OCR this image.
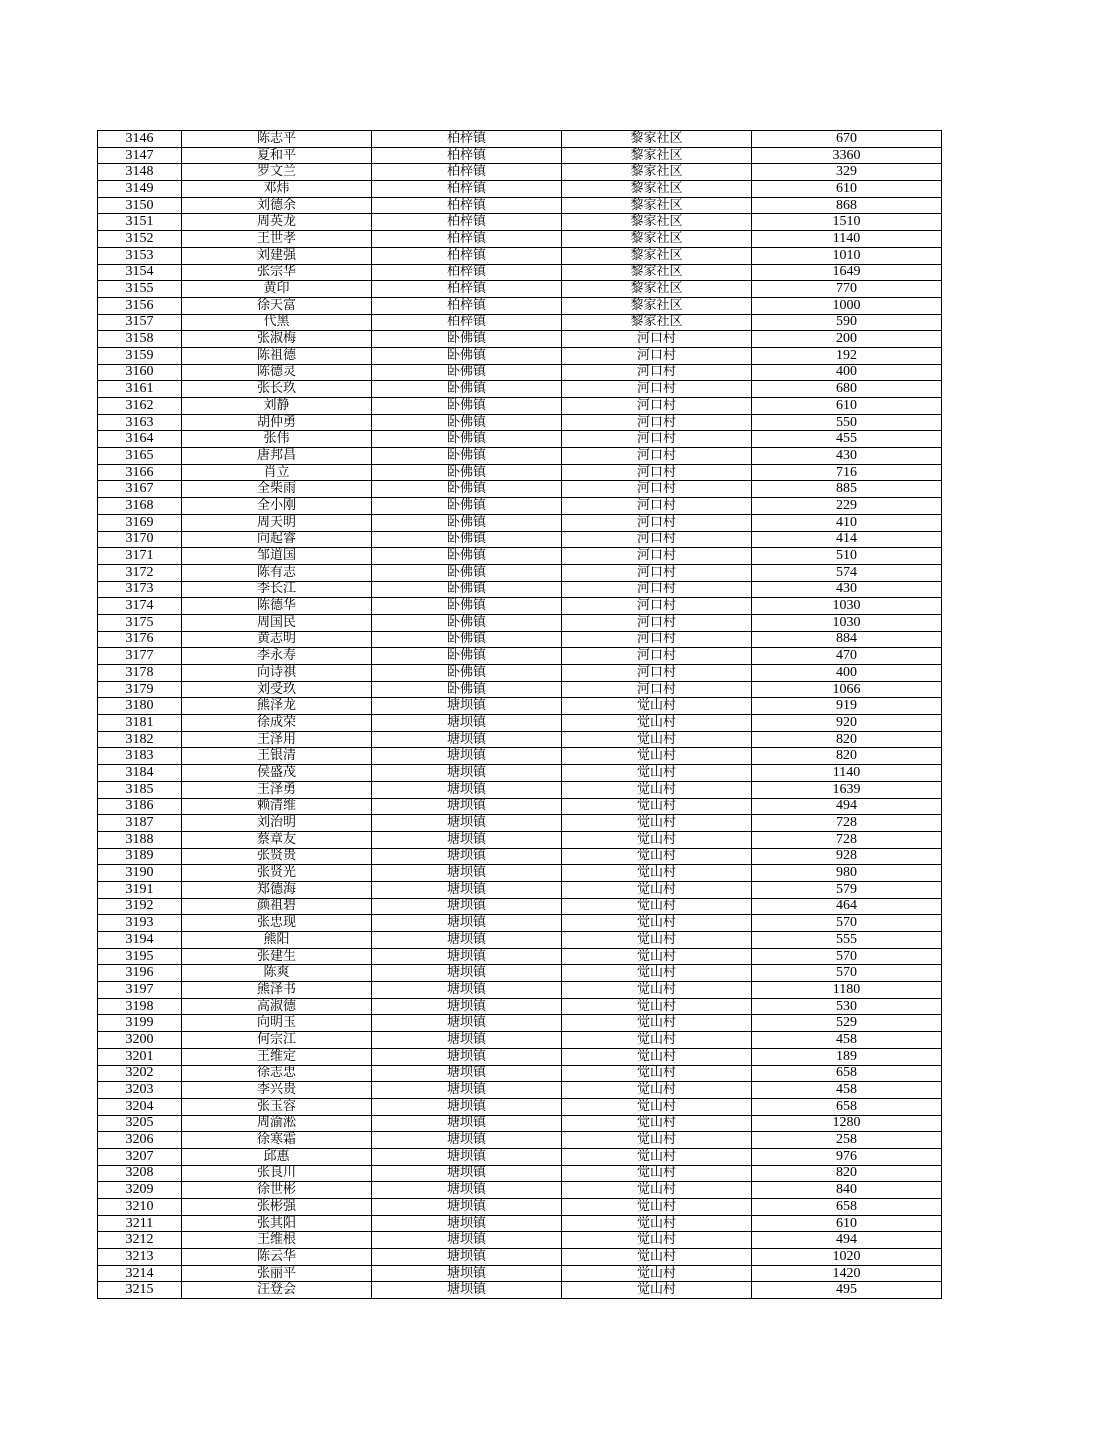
3146	陈志平	柏梓镇	黎家社区	670
3147	夏和平	柏梓镇	黎家社区	3360
3148	罗文兰	柏梓镇	黎家社区	329
3149	邓炜	柏梓镇	黎家社区	610
3150	刘德余	柏梓镇	黎家社区	868
3151	周英龙	柏梓镇	黎家社区	1510
3152	王世孝	柏梓镇	黎家社区	1140
3153	刘建强	柏梓镇	黎家社区	1010
3154	张宗华	柏梓镇	黎家社区	1649
3155	黄印	柏梓镇	黎家社区	770
3156	徐天富	柏梓镇	黎家社区	1000
3157	代黑	柏梓镇	黎家社区	590
3158	张淑梅	卧佛镇	河口村	200
3159	陈祖德	卧佛镇	河口村	192
3160	陈德灵	卧佛镇	河口村	400
3161	张长玖	卧佛镇	河口村	680
3162	刘静	卧佛镇	河口村	610
3163	胡仲勇	卧佛镇	河口村	550
3164	张伟	卧佛镇	河口村	455
3165	唐邦昌	卧佛镇	河口村	430
3166	肖立	卧佛镇	河口村	716
3167	全柴雨	卧佛镇	河口村	885
3168	全小刚	卧佛镇	河口村	229
3169	周天明	卧佛镇	河口村	410
3170	向起睿	卧佛镇	河口村	414
3171	邹道国	卧佛镇	河口村	510
3172	陈有志	卧佛镇	河口村	574
3173	李长江	卧佛镇	河口村	430
3174	陈德华	卧佛镇	河口村	1030
3175	周国民	卧佛镇	河口村	1030
3176	黄志明	卧佛镇	河口村	884
3177	李永寿	卧佛镇	河口村	470
3178	向诗祺	卧佛镇	河口村	400
3179	刘受玖	卧佛镇	河口村	1066
3180	熊泽龙	塘坝镇	觉山村	919
3181	徐成荣	塘坝镇	觉山村	920
3182	王泽用	塘坝镇	觉山村	820
3183	王银清	塘坝镇	觉山村	820
3184	侯盛茂	塘坝镇	觉山村	1140
3185	王泽勇	塘坝镇	觉山村	1639
3186	赖清维	塘坝镇	觉山村	494
3187	刘治明	塘坝镇	觉山村	728
3188	蔡章友	塘坝镇	觉山村	728
3189	张贤贵	塘坝镇	觉山村	928
3190	张贤光	塘坝镇	觉山村	980
3191	郑德海	塘坝镇	觉山村	579
3192	颜祖碧	塘坝镇	觉山村	464
3193	张忠现	塘坝镇	觉山村	570
3194	熊阳	塘坝镇	觉山村	555
3195	张建生	塘坝镇	觉山村	570
3196	陈爽	塘坝镇	觉山村	570
3197	熊泽书	塘坝镇	觉山村	1180
3198	高淑德	塘坝镇	觉山村	530
3199	向明玉	塘坝镇	觉山村	529
3200	何宗江	塘坝镇	觉山村	458
3201	王维定	塘坝镇	觉山村	189
3202	徐志忠	塘坝镇	觉山村	658
3203	李兴贵	塘坝镇	觉山村	458
3204	张玉容	塘坝镇	觉山村	658
3205	周渝淞	塘坝镇	觉山村	1280
3206	徐寒霜	塘坝镇	觉山村	258
3207	邱惠	塘坝镇	觉山村	976
3208	张良川	塘坝镇	觉山村	820
3209	徐世彬	塘坝镇	觉山村	840
3210	张彬强	塘坝镇	觉山村	658
3211	张其阳	塘坝镇	觉山村	610
3212	王维根	塘坝镇	觉山村	494
3213	陈云华	塘坝镇	觉山村	1020
3214	张丽平	塘坝镇	觉山村	1420
3215	汪登会	塘坝镇	觉山村	495
